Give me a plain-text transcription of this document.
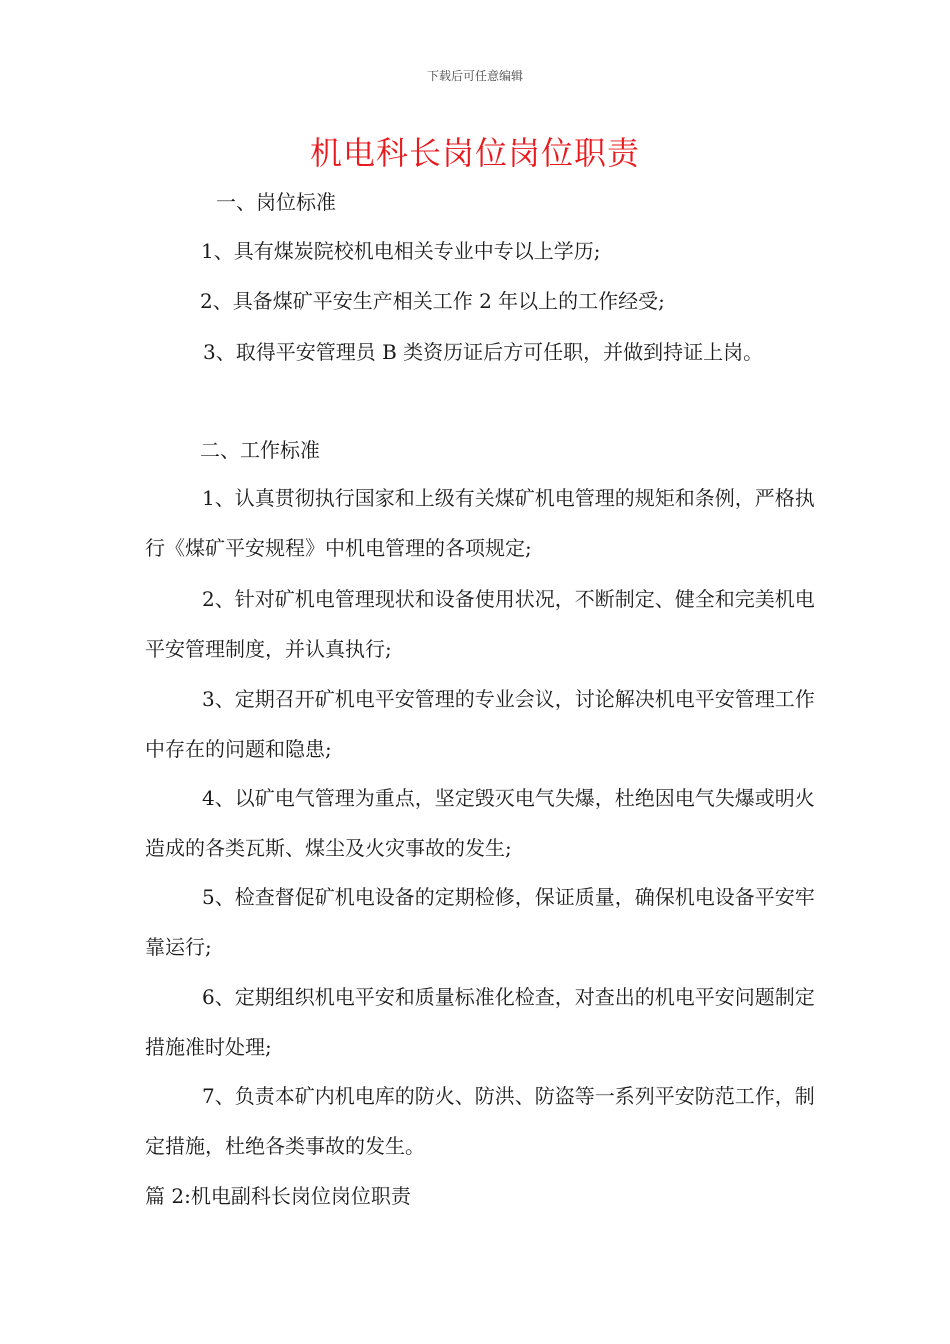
下载后可任意编辑
机电科长岗位岗位职责
一、岗位标准
1、具有煤炭院校机电相关专业中专以上学历;
2、具备煤矿平安生产相关工作 2 年以上的工作经受;
3、取得平安管理员 B 类资历证后方可任职，并做到持证上岗。
二、工作标准
1、认真贯彻执行国家和上级有关煤矿机电管理的规矩和条例，严格执行《煤矿平安规程》中机电管理的各项规定;
2、针对矿机电管理现状和设备使用状况，不断制定、健全和完美机电平安管理制度，并认真执行;
3、定期召开矿机电平安管理的专业会议，讨论解决机电平安管理工作中存在的问题和隐患;
4、以矿电气管理为重点，坚定毁灭电气失爆，杜绝因电气失爆或明火造成的各类瓦斯、煤尘及火灾事故的发生;
5、检查督促矿机电设备的定期检修，保证质量，确保机电设备平安牢靠运行;
6、定期组织机电平安和质量标准化检查，对查出的机电平安问题制定措施准时处理;
7、负责本矿内机电库的防火、防洪、防盗等一系列平安防范工作，制定措施，杜绝各类事故的发生。
篇 2:机电副科长岗位岗位职责
